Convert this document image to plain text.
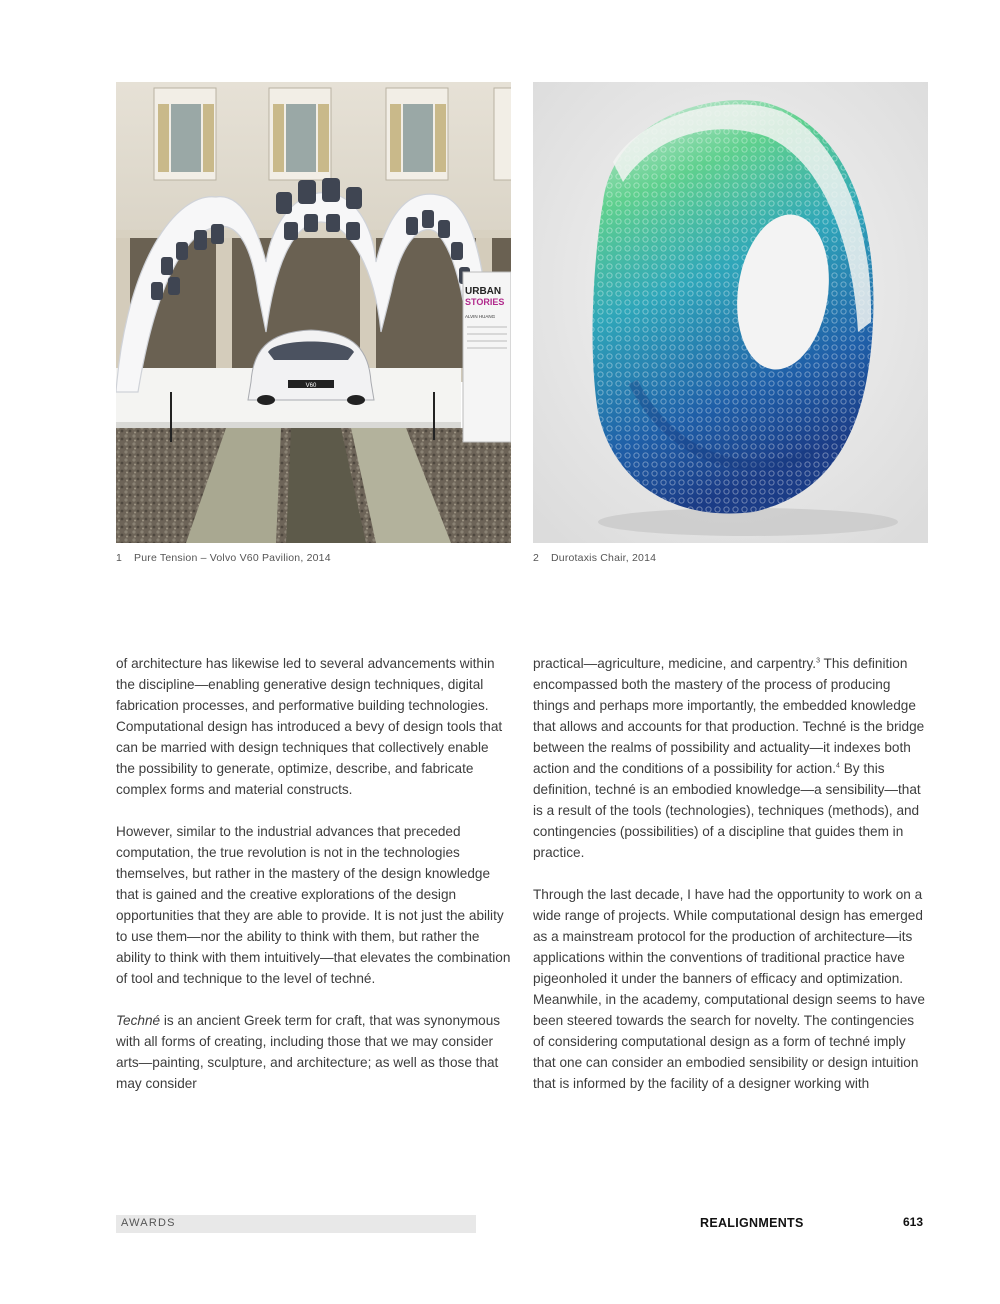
V60
URBAN
STORIES
ALVIN HUANG
1 Pure Tension – Volvo V60 Pavilion, 2014	2 Durotaxis Chair, 2014

of architecture has likewise led to several advancements within the discipline—enabling generative design techniques, digital fabrication processes, and performative building technologies. Computational design has introduced a bevy of design tools that can be married with design techniques that collectively enable the possibility to generate, optimize, describe, and fabricate complex forms and material constructs.

However, similar to the industrial advances that preceded computation, the true revolution is not in the technologies themselves, but rather in the mastery of the design knowledge that is gained and the creative explorations of the design opportunities that they are able to provide. It is not just the ability to use them—nor the ability to think with them, but rather the ability to think with them intuitively—that elevates the combination of tool and technique to the level of techné.

Techné is an ancient Greek term for craft, that was synonymous with all forms of creating, including those that we may consider arts—painting, sculpture, and architecture; as well as those that may consider

practical—agriculture, medicine, and carpentry.$^3$ This definition encompassed both the mastery of the process of producing things and perhaps more importantly, the embedded knowledge that allows and accounts for that production. Techné is the bridge between the realms of possibility and actuality—it indexes both action and the conditions of a possibility for action.$^4$ By this definition, techné is an embodied knowledge—a sensibility—that is a result of the tools (technologies), techniques (methods), and contingencies (possibilities) of a discipline that guides them in practice.

Through the last decade, I have had the opportunity to work on a wide range of projects. While computational design has emerged as a mainstream protocol for the production of architecture—its applications within the conventions of traditional practice have pigeonholed it under the banners of efficacy and optimization. Meanwhile, in the academy, computational design seems to have been steered towards the search for novelty. The contingencies of considering computational design as a form of techné imply that one can consider an embodied sensibility or design intuition that is informed by the facility of a designer working with

AWARDS	REALIGNMENTS	613
